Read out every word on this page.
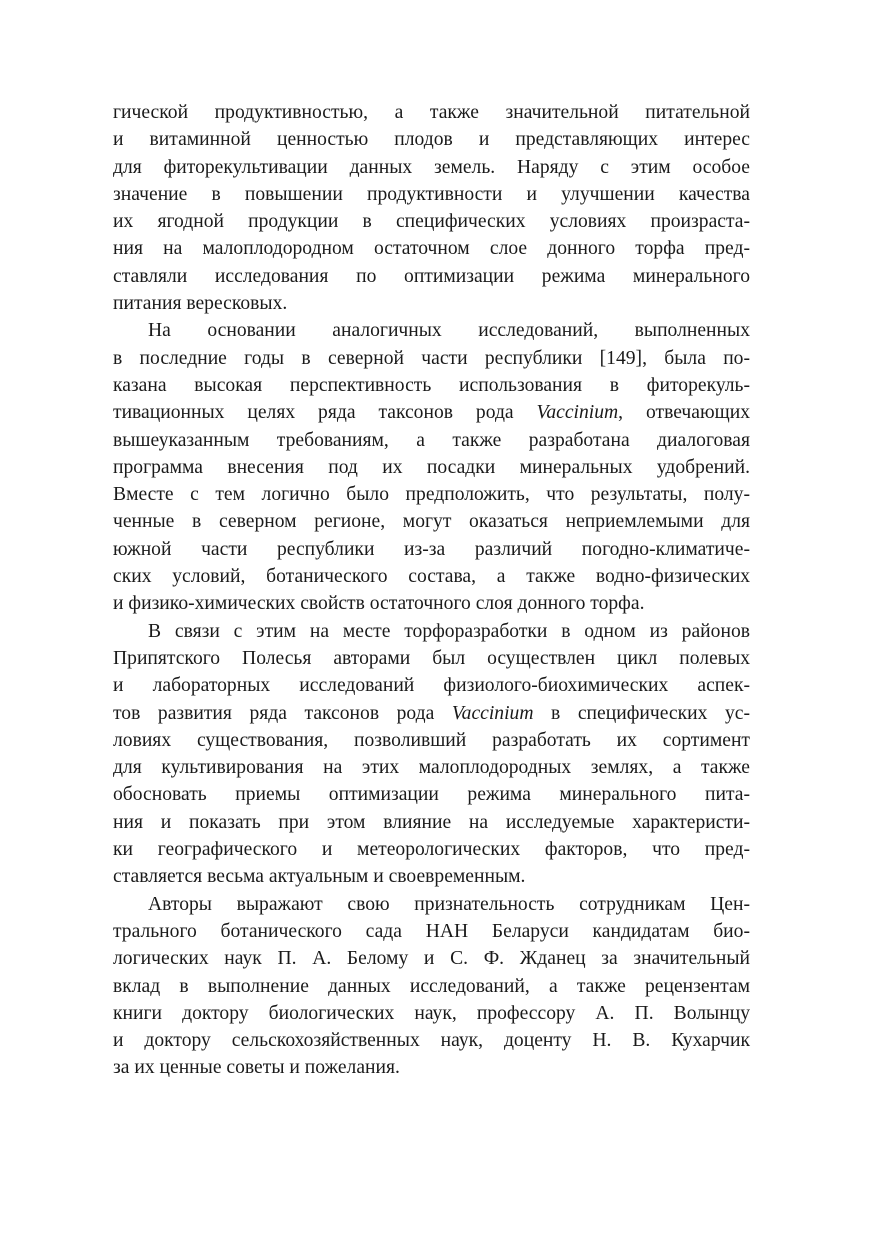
гической продуктивностью, а также значительной питательной
и витаминной ценностью плодов и представляющих интерес
для фиторекультивации данных земель. Наряду с этим особое
значение в повышении продуктивности и улучшении качества
их ягодной продукции в специфических условиях произраста-
ния на малоплодородном остаточном слое донного торфа пред-
ставляли исследования по оптимизации режима минерального
питания вересковых.

На основании аналогичных исследований, выполненных
в последние годы в северной части республики [149], была по-
казана высокая перспективность использования в фиторекуль-
тивационных целях ряда таксонов рода Vaccinium, отвечающих
вышеуказанным требованиям, а также разработана диалоговая
программа внесения под их посадки минеральных удобрений.
Вместе с тем логично было предположить, что результаты, полу-
ченные в северном регионе, могут оказаться неприемлемыми для
южной части республики из-за различий погодно-климатиче-
ских условий, ботанического состава, а также водно-физических
и физико-химических свойств остаточного слоя донного торфа.

В связи с этим на месте торфоразработки в одном из районов
Припятского Полесья авторами был осуществлен цикл полевых
и лабораторных исследований физиолого-биохимических аспек-
тов развития ряда таксонов рода Vaccinium в специфических ус-
ловиях существования, позволивший разработать их сортимент
для культивирования на этих малоплодородных землях, а также
обосновать приемы оптимизации режима минерального пита-
ния и показать при этом влияние на исследуемые характеристи-
ки географического и метеорологических факторов, что пред-
ставляется весьма актуальным и своевременным.

Авторы выражают свою признательность сотрудникам Цен-
трального ботанического сада НАН Беларуси кандидатам био-
логических наук П. А. Белому и С. Ф. Жданец за значительный
вклад в выполнение данных исследований, а также рецензентам
книги доктору биологических наук, профессору А. П. Волынцу
и доктору сельскохозяйственных наук, доценту Н. В. Кухарчик
за их ценные советы и пожелания.
